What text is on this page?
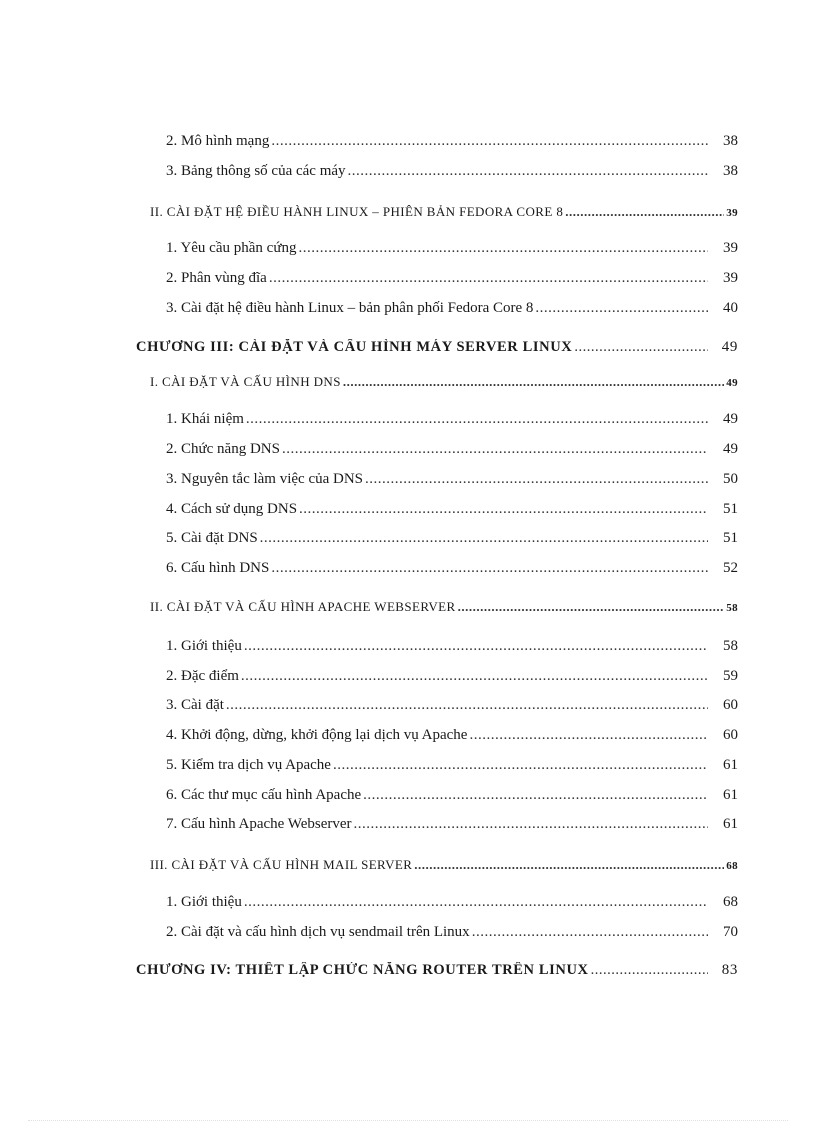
2. Mô hình mạng .....	38
3. Bảng thông số của các máy .....	38
II. CÀI ĐẶT HỆ ĐIỀU HÀNH LINUX – PHIÊN BẢN FEDORA CORE 8 .....	39
1. Yêu cầu phần cứng .....	39
2. Phân vùng đĩa .....	39
3. Cài đặt hệ điều hành Linux – bản phân phối Fedora Core 8 .....	40
CHƯƠNG III: CÀI ĐẶT VÀ CẤU HÌNH MÁY SERVER LINUX .....	49
I. CÀI ĐẶT VÀ CẤU HÌNH DNS .....	49
1. Khái niệm .....	49
2. Chức năng DNS .....	49
3. Nguyên tắc làm việc của DNS .....	50
4. Cách sử dụng DNS .....	51
5. Cài đặt DNS .....	51
6. Cấu hình DNS .....	52
II. CÀI ĐẶT VÀ CẤU HÌNH APACHE WEBSERVER .....	58
1. Giới thiệu .....	58
2. Đặc điểm .....	59
3. Cài đặt .....	60
4. Khởi động, dừng, khởi động lại dịch vụ Apache .....	60
5. Kiểm tra dịch vụ Apache .....	61
6. Các thư mục cấu hình Apache .....	61
7. Cấu hình Apache Webserver .....	61
III. CÀI ĐẶT VÀ CẤU HÌNH MAIL SERVER .....	68
1. Giới thiệu .....	68
2. Cài đặt và cấu hình dịch vụ sendmail trên Linux .....	70
CHƯƠNG IV: THIẾT LẬP CHỨC NĂNG ROUTER TRÊN LINUX .....	83
